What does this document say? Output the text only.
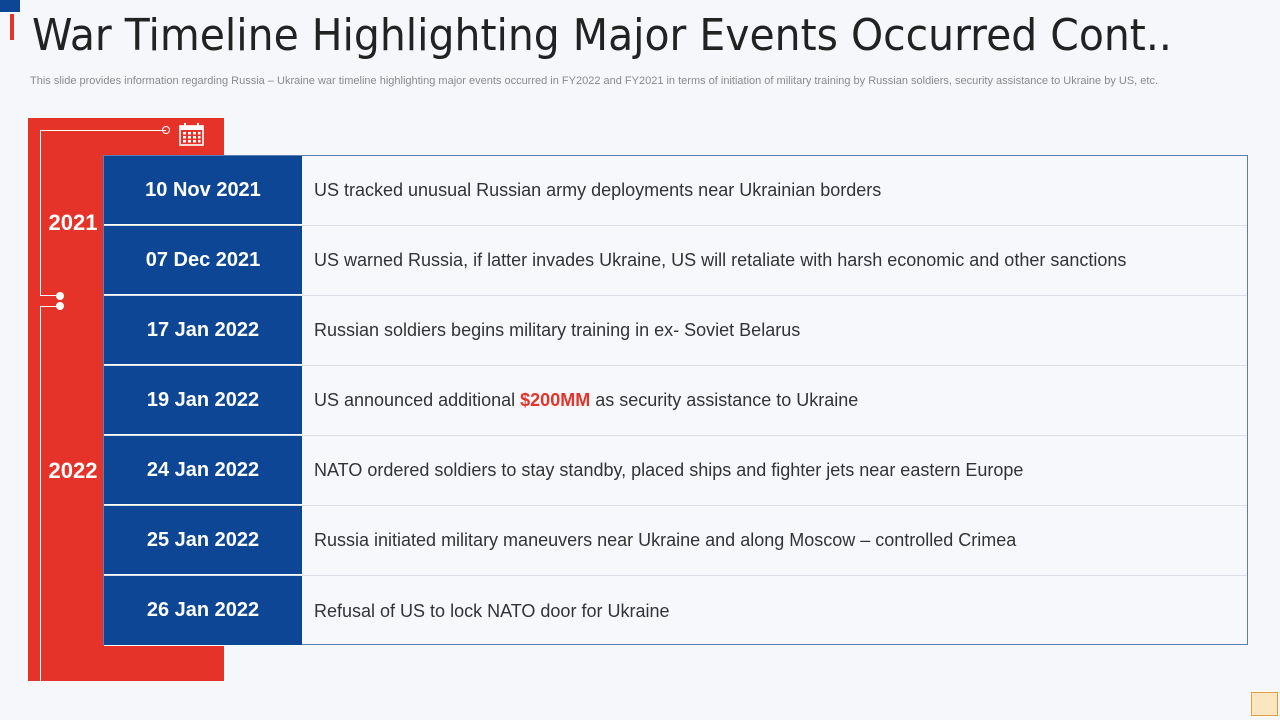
War Timeline Highlighting Major Events Occurred Cont..

This slide provides information regarding Russia – Ukraine war timeline highlighting major events occurred in FY2022 and FY2021 in terms of initiation of military training by Russian soldiers, security assistance to Ukraine by US, etc.

2021
2022
10 Nov 2021	US tracked unusual Russian army deployments near Ukrainian borders
07 Dec 2021	US warned Russia, if latter invades Ukraine, US will retaliate with harsh economic and other sanctions
17 Jan 2022	Russian soldiers begins military training in ex- Soviet Belarus
19 Jan 2022	US announced additional $200MM as security assistance to Ukraine
24 Jan 2022	NATO ordered soldiers to stay standby, placed ships and fighter jets near eastern Europe
25 Jan 2022	Russia initiated military maneuvers near Ukraine and along Moscow – controlled Crimea
26 Jan 2022	Refusal of US to lock NATO door for Ukraine
